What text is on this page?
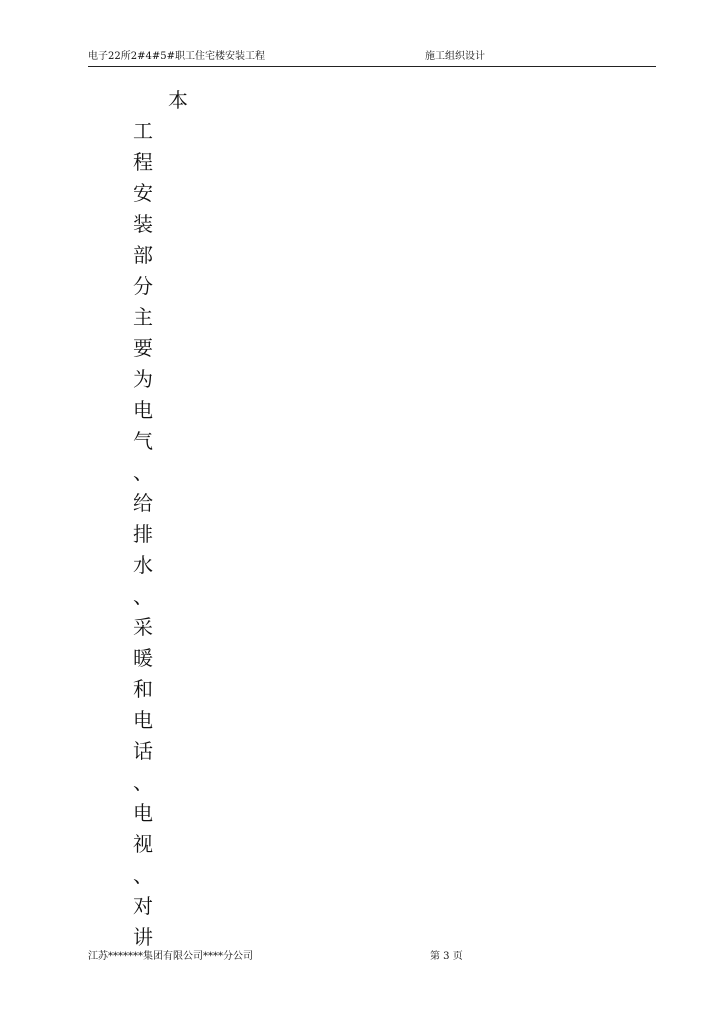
电子22所2#4#5#职工住宅楼安装工程	施工组织设计
本
工
程
安
装
部
分
主
要
为
电
气
、
给
排
水
、
采
暖
和
电
话
、
电
视
、
对
讲
江苏*******集团有限公司****分公司	第 3 页
